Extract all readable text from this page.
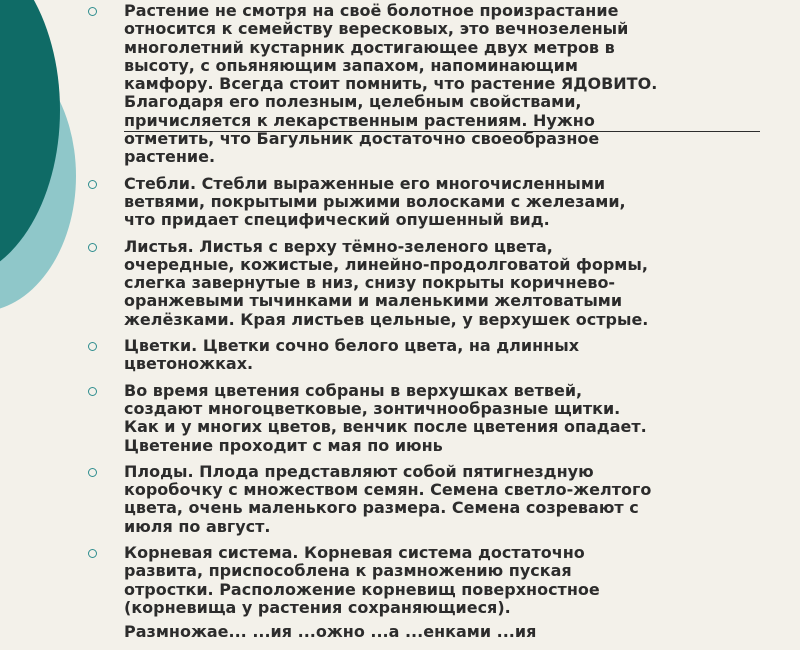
Растение не смотря на своё болотное произрастание
относится к семейству вересковых, это вечнозеленый
многолетний кустарник достигающее двух метров в
высоту, с опьяняющим запахом, напоминающим
камфору. Всегда стоит помнить, что растение ЯДОВИТО.
Благодаря его полезным, целебным свойствами,
причисляется к лекарственным растениям. Нужно
отметить, что Багульник достаточно своеобразное
растение.
Стебли. Стебли выраженные его многочисленными
ветвями, покрытыми рыжими волосками с железами,
что придает специфический опушенный вид.
Листья. Листья с верху тёмно-зеленого цвета,
очередные, кожистые, линейно-продолговатой формы,
слегка завернутые в низ, снизу покрыты коричнево-
оранжевыми тычинками и маленькими желтоватыми
желёзками. Края листьев цельные, у верхушек острые.
Цветки. Цветки сочно белого цвета, на длинных
цветоножках.
Во время цветения собраны в верхушках ветвей,
создают многоцветковые, зонтичнообразные щитки.
Как и у многих цветов, венчик после цветения опадает.
Цветение проходит с мая по июнь
Плоды. Плода представляют собой пятигнездную
коробочку с множеством семян. Семена светло-желтого
цвета, очень маленького размера. Семена созревают с
июля по август.
Корневая система. Корневая система достаточно
развита, приспособлена к размножению пуская
отростки. Расположение корневищ поверхностное
(корневища у растения сохраняющиеся).
Размножае... ...ия ...ожно ...а ...енками ...ия
